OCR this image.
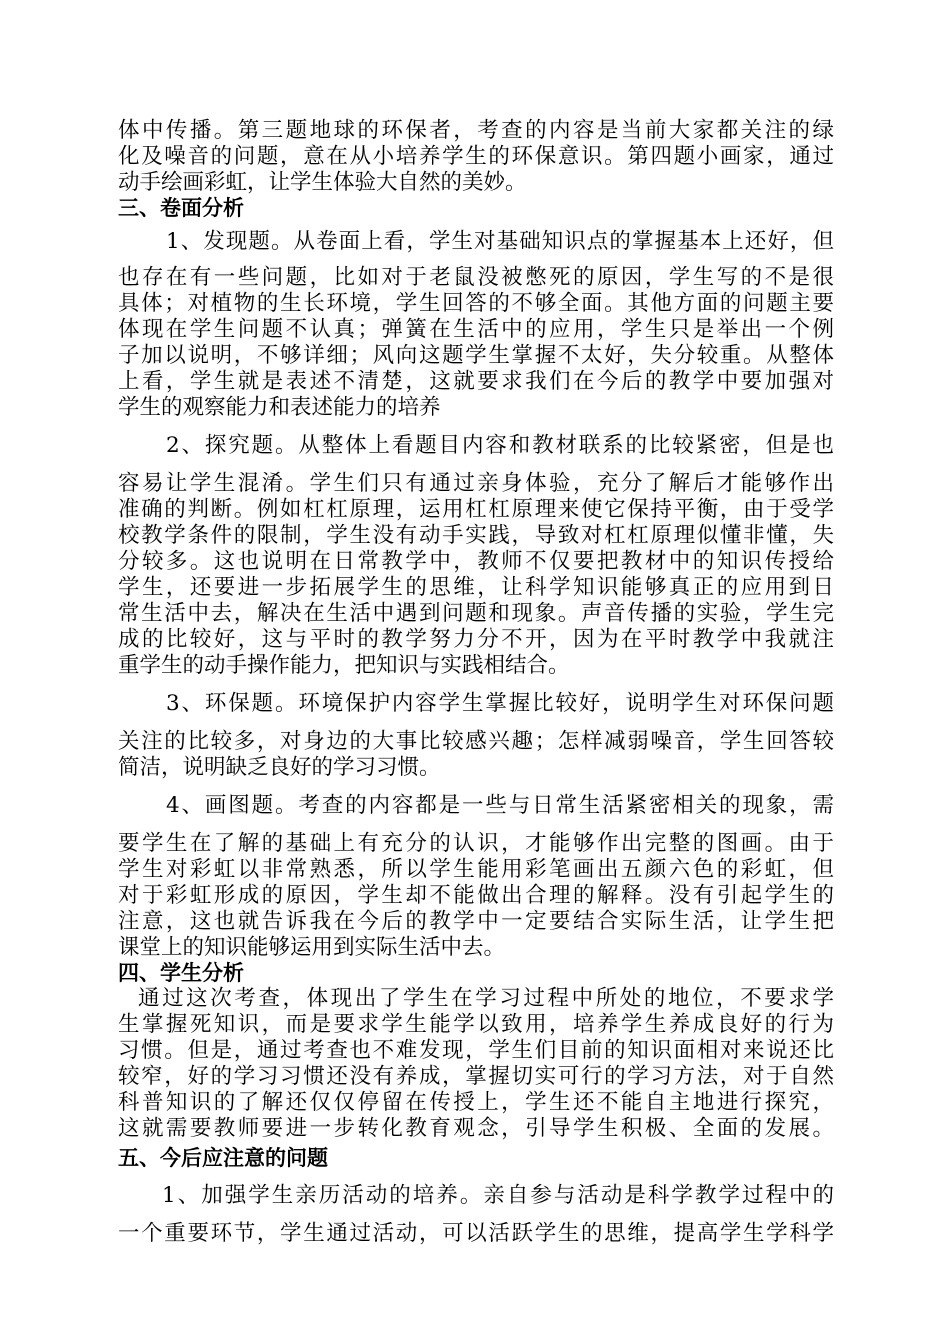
体中传播。第三题地球的环保者，考查的内容是当前大家都关注的绿
化及噪音的问题，意在从小培养学生的环保意识。第四题小画家，通过
动手绘画彩虹，让学生体验大自然的美妙。
三、卷面分析
1、发现题。从卷面上看，学生对基础知识点的掌握基本上还好，但
也存在有一些问题，比如对于老鼠没被憋死的原因，学生写的不是很
具体；对植物的生长环境，学生回答的不够全面。其他方面的问题主要
体现在学生问题不认真；弹簧在生活中的应用，学生只是举出一个例
子加以说明，不够详细；风向这题学生掌握不太好，失分较重。从整体
上看，学生就是表述不清楚，这就要求我们在今后的教学中要加强对
学生的观察能力和表述能力的培养
2、探究题。从整体上看题目内容和教材联系的比较紧密，但是也
容易让学生混淆。学生们只有通过亲身体验，充分了解后才能够作出
准确的判断。例如杠杠原理，运用杠杠原理来使它保持平衡，由于受学
校教学条件的限制，学生没有动手实践，导致对杠杠原理似懂非懂，失
分较多。这也说明在日常教学中，教师不仅要把教材中的知识传授给
学生，还要进一步拓展学生的思维，让科学知识能够真正的应用到日
常生活中去，解决在生活中遇到问题和现象。声音传播的实验，学生完
成的比较好，这与平时的教学努力分不开，因为在平时教学中我就注
重学生的动手操作能力，把知识与实践相结合。
3、环保题。环境保护内容学生掌握比较好，说明学生对环保问题
关注的比较多，对身边的大事比较感兴趣；怎样减弱噪音，学生回答较
简洁，说明缺乏良好的学习习惯。
4、画图题。考查的内容都是一些与日常生活紧密相关的现象，需
要学生在了解的基础上有充分的认识，才能够作出完整的图画。由于
学生对彩虹以非常熟悉，所以学生能用彩笔画出五颜六色的彩虹，但
对于彩虹形成的原因，学生却不能做出合理的解释。没有引起学生的
注意，这也就告诉我在今后的教学中一定要结合实际生活，让学生把
课堂上的知识能够运用到实际生活中去。
四、学生分析
通过这次考查，体现出了学生在学习过程中所处的地位，不要求学
生掌握死知识，而是要求学生能学以致用，培养学生养成良好的行为
习惯。但是，通过考查也不难发现，学生们目前的知识面相对来说还比
较窄，好的学习习惯还没有养成，掌握切实可行的学习方法，对于自然
科普知识的了解还仅仅停留在传授上，学生还不能自主地进行探究，
这就需要教师要进一步转化教育观念，引导学生积极、全面的发展。
五、今后应注意的问题
1、加强学生亲历活动的培养。亲自参与活动是科学教学过程中的
一个重要环节，学生通过活动，可以活跃学生的思维，提高学生学科学
